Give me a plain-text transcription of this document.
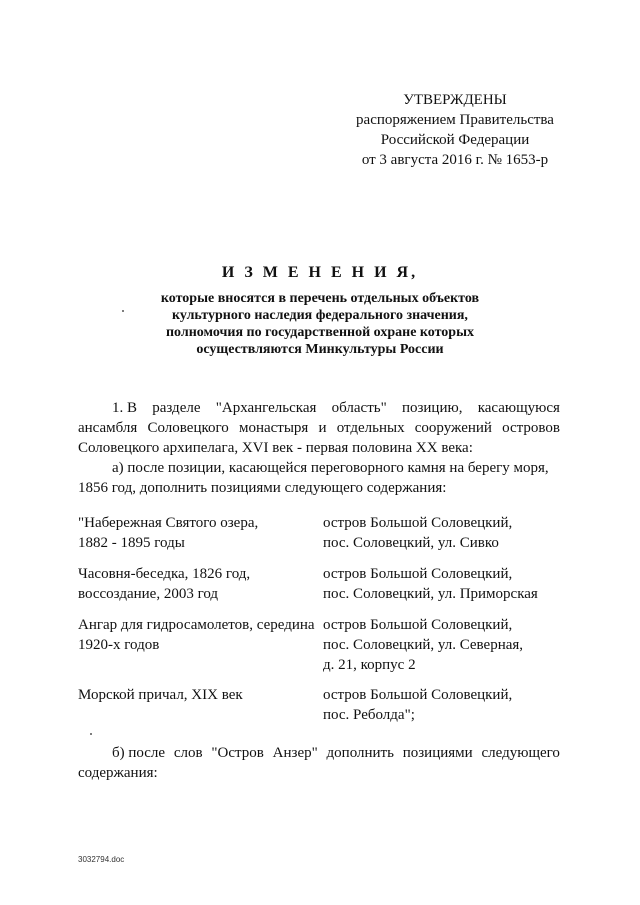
УТВЕРЖДЕНЫ
распоряжением Правительства
Российской Федерации
от 3 августа 2016 г. № 1653-р
И З М Е Н Е Н И Я,
которые вносятся в перечень отдельных объектов
культурного наследия федерального значения,
полномочия по государственной охране которых
осуществляются Минкультуры России
1. В разделе "Архангельская область" позицию, касающуюся
ансамбля Соловецкого монастыря и отдельных сооружений островов
Соловецкого архипелага, XVI век - первая половина XX века:
а) после позиции, касающейся переговорного камня на берегу моря,
1856 год, дополнить позициями следующего содержания:
"Набережная Святого озера,
1882 - 1895 годы
остров Большой Соловецкий,
пос. Соловецкий, ул. Сивко
Часовня-беседка, 1826 год,
воссоздание, 2003 год
остров Большой Соловецкий,
пос. Соловецкий, ул. Приморская
Ангар для гидросамолетов, середина
1920-х годов
остров Большой Соловецкий,
пос. Соловецкий, ул. Северная,
д. 21, корпус 2
Морской причал, XIX век	остров Большой Соловецкий,
пос. Реболда";
б) после слов "Остров Анзер" дополнить позициями следующего
содержания:
3032794.doc
